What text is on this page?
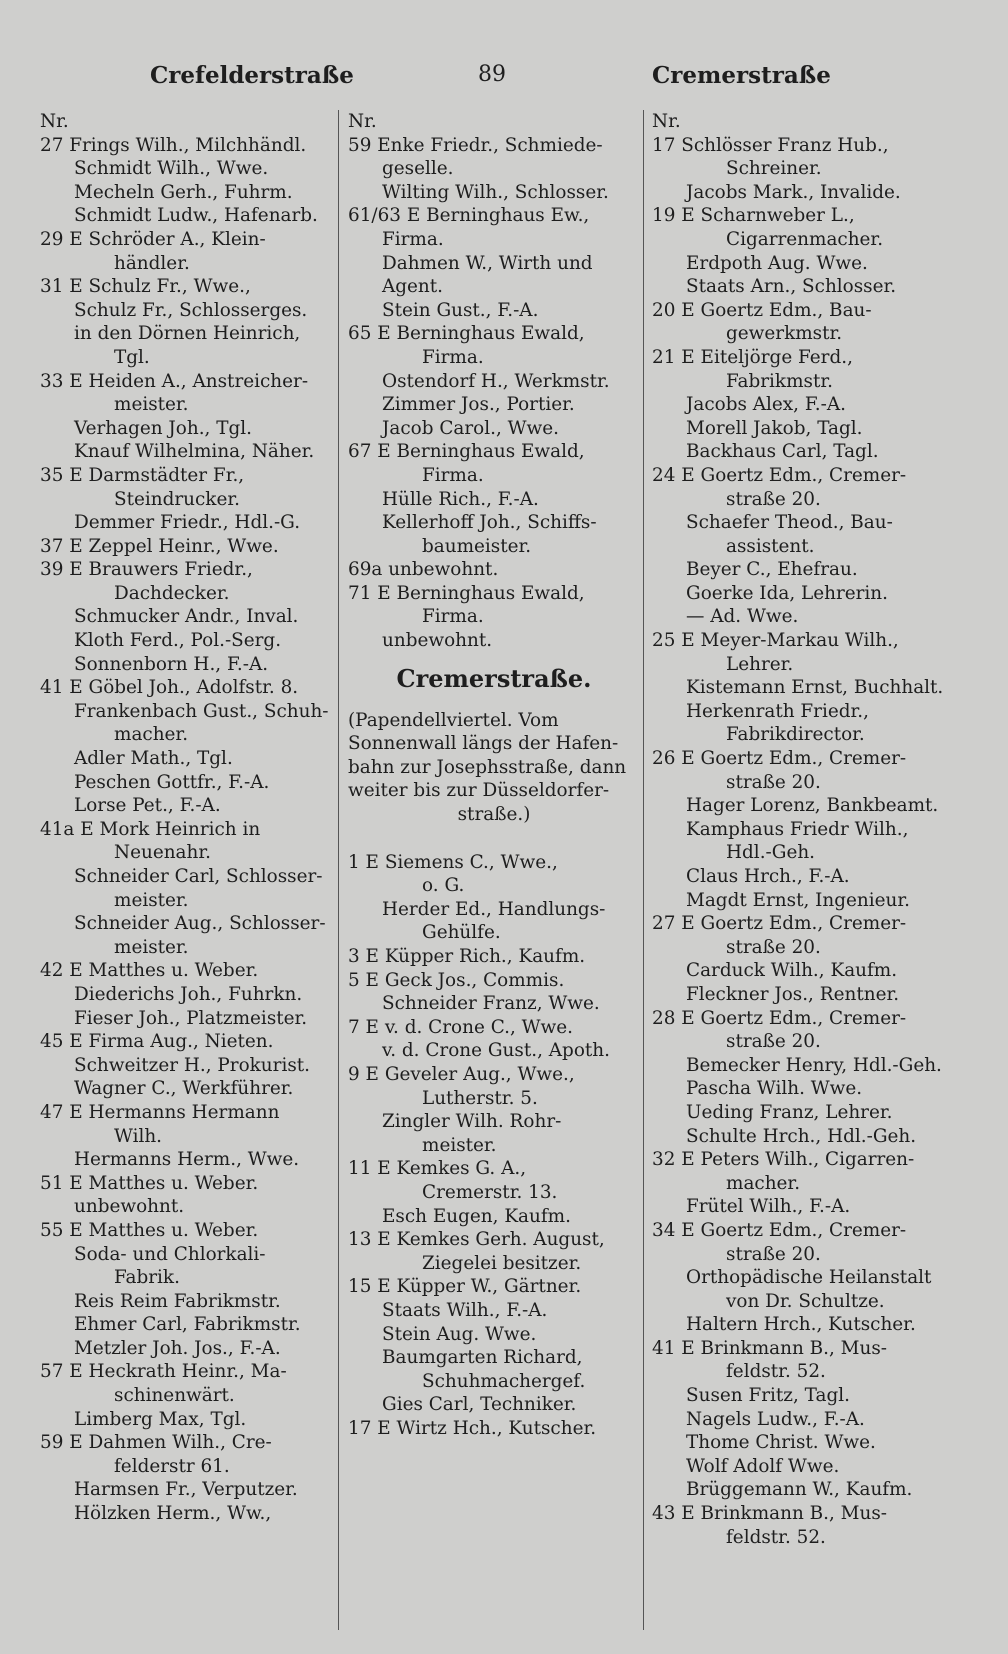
Crefelderstraße	89	Cremerstraße
Nr.
27 Frings Wilh., Milchhändl.
Schmidt Wilh., Wwe.
Mecheln Gerh., Fuhrm.
Schmidt Ludw., Hafenarb.
29 E Schröder A., Klein-
händler.
31 E Schulz Fr., Wwe.,
Schulz Fr., Schlosserges.
in den Dörnen Heinrich,
Tgl.
33 E Heiden A., Anstreicher-
meister.
Verhagen Joh., Tgl.
Knauf Wilhelmina, Näher.
35 E Darmstädter Fr.,
Steindrucker.
Demmer Friedr., Hdl.-G.
37 E Zeppel Heinr., Wwe.
39 E Brauwers Friedr.,
Dachdecker.
Schmucker Andr., Inval.
Kloth Ferd., Pol.-Serg.
Sonnenborn H., F.-A.
41 E Göbel Joh., Adolfstr. 8.
Frankenbach Gust., Schuh-
macher.
Adler Math., Tgl.
Peschen Gottfr., F.-A.
Lorse Pet., F.-A.
41a E Mork Heinrich in
Neuenahr.
Schneider Carl, Schlosser-
meister.
Schneider Aug., Schlosser-
meister.
42 E Matthes u. Weber.
Diederichs Joh., Fuhrkn.
Fieser Joh., Platzmeister.
45 E Firma Aug., Nieten.
Schweitzer H., Prokurist.
Wagner C., Werkführer.
47 E Hermanns Hermann
Wilh.
Hermanns Herm., Wwe.
51 E Matthes u. Weber.
unbewohnt.
55 E Matthes u. Weber.
Soda- und Chlorkali-
Fabrik.
Reis Reim Fabrikmstr.
Ehmer Carl, Fabrikmstr.
Metzler Joh. Jos., F.-A.
57 E Heckrath Heinr., Ma-
schinenwärt.
Limberg Max, Tgl.
59 E Dahmen Wilh., Cre-
felderstr 61.
Harmsen Fr., Verputzer.
Hölzken Herm., Ww.,
Nr.
59 Enke Friedr., Schmiede-
geselle.
Wilting Wilh., Schlosser.
61/63 E Berninghaus Ew.,
Firma.
Dahmen W., Wirth und
Agent.
Stein Gust., F.-A.
65 E Berninghaus Ewald,
Firma.
Ostendorf H., Werkmstr.
Zimmer Jos., Portier.
Jacob Carol., Wwe.
67 E Berninghaus Ewald,
Firma.
Hülle Rich., F.-A.
Kellerhoff Joh., Schiffs-
baumeister.
69a unbewohnt.
71 E Berninghaus Ewald,
Firma.
unbewohnt.
Cremerstraße.
(Papendellviertel. Vom
Sonnenwall längs der Hafen-
bahn zur Josephsstraße, dann
weiter bis zur Düsseldorfer-
straße.)
1 E Siemens C., Wwe.,
o. G.
Herder Ed., Handlungs-
Gehülfe.
3 E Küpper Rich., Kaufm.
5 E Geck Jos., Commis.
Schneider Franz, Wwe.
7 E v. d. Crone C., Wwe.
v. d. Crone Gust., Apoth.
9 E Geveler Aug., Wwe.,
Lutherstr. 5.
Zingler Wilh. Rohr-
meister.
11 E Kemkes G. A.,
Cremerstr. 13.
Esch Eugen, Kaufm.
13 E Kemkes Gerh. August,
Ziegelei besitzer.
15 E Küpper W., Gärtner.
Staats Wilh., F.-A.
Stein Aug. Wwe.
Baumgarten Richard,
Schuhmachergef.
Gies Carl, Techniker.
17 E Wirtz Hch., Kutscher.
Nr.
17 Schlösser Franz Hub.,
Schreiner.
Jacobs Mark., Invalide.
19 E Scharnweber L.,
Cigarrenmacher.
Erdpoth Aug. Wwe.
Staats Arn., Schlosser.
20 E Goertz Edm., Bau-
gewerkmstr.
21 E Eiteljörge Ferd.,
Fabrikmstr.
Jacobs Alex, F.-A.
Morell Jakob, Tagl.
Backhaus Carl, Tagl.
24 E Goertz Edm., Cremer-
straße 20.
Schaefer Theod., Bau-
assistent.
Beyer C., Ehefrau.
Goerke Ida, Lehrerin.
— Ad. Wwe.
25 E Meyer-Markau Wilh.,
Lehrer.
Kistemann Ernst, Buchhalt.
Herkenrath Friedr.,
Fabrikdirector.
26 E Goertz Edm., Cremer-
straße 20.
Hager Lorenz, Bankbeamt.
Kamphaus Friedr Wilh.,
Hdl.-Geh.
Claus Hrch., F.-A.
Magdt Ernst, Ingenieur.
27 E Goertz Edm., Cremer-
straße 20.
Carduck Wilh., Kaufm.
Fleckner Jos., Rentner.
28 E Goertz Edm., Cremer-
straße 20.
Bemecker Henry, Hdl.-Geh.
Pascha Wilh. Wwe.
Ueding Franz, Lehrer.
Schulte Hrch., Hdl.-Geh.
32 E Peters Wilh., Cigarren-
macher.
Frütel Wilh., F.-A.
34 E Goertz Edm., Cremer-
straße 20.
Orthopädische Heilanstalt
von Dr. Schultze.
Haltern Hrch., Kutscher.
41 E Brinkmann B., Mus-
feldstr. 52.
Susen Fritz, Tagl.
Nagels Ludw., F.-A.
Thome Christ. Wwe.
Wolf Adolf Wwe.
Brüggemann W., Kaufm.
43 E Brinkmann B., Mus-
feldstr. 52.
